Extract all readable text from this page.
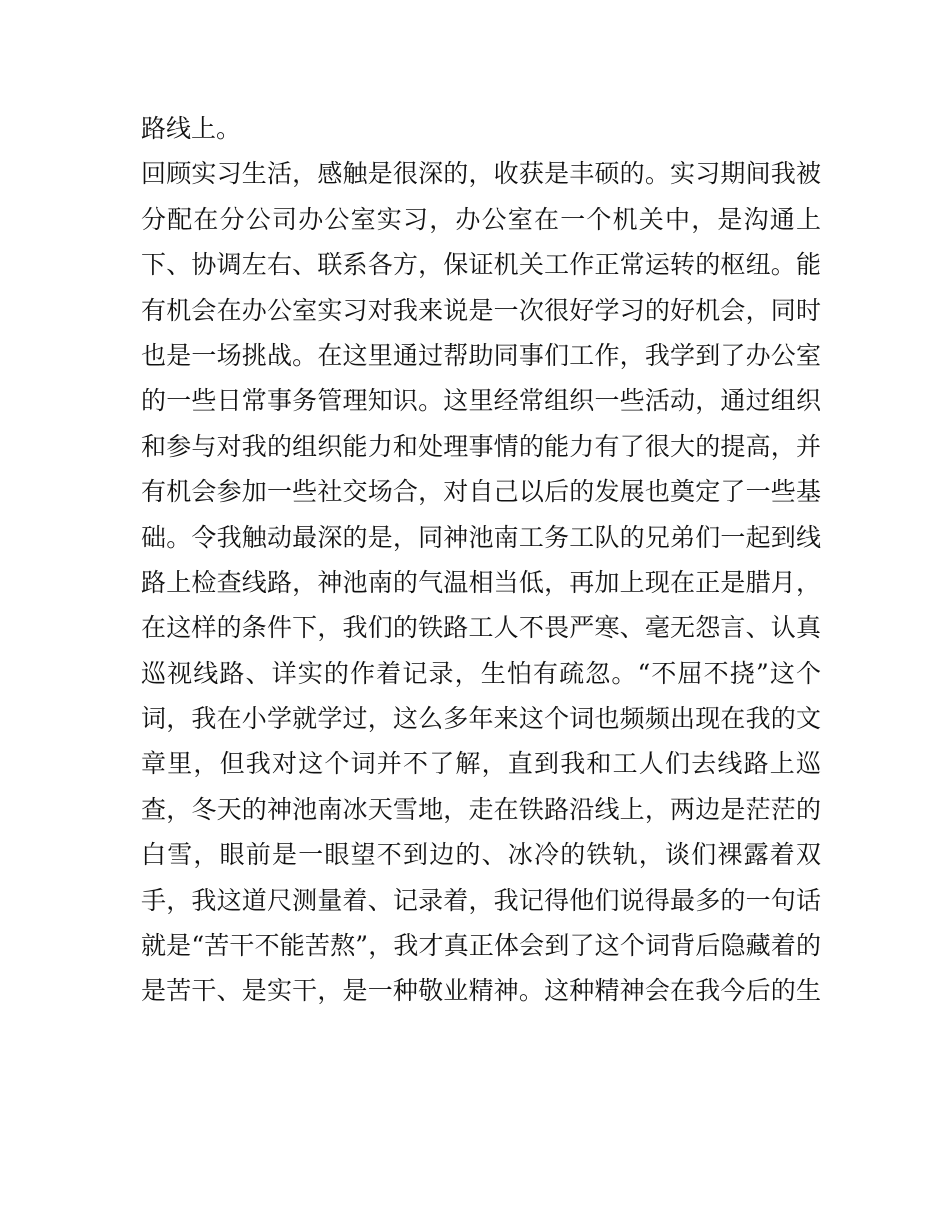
路线上。
回顾实习生活，感触是很深的，收获是丰硕的。实习期间我被
分配在分公司办公室实习，办公室在一个机关中，是沟通上
下、协调左右、联系各方，保证机关工作正常运转的枢纽。能
有机会在办公室实习对我来说是一次很好学习的好机会，同时
也是一场挑战。在这里通过帮助同事们工作，我学到了办公室
的一些日常事务管理知识。这里经常组织一些活动，通过组织
和参与对我的组织能力和处理事情的能力有了很大的提高，并
有机会参加一些社交场合，对自己以后的发展也奠定了一些基
础。令我触动最深的是，同神池南工务工队的兄弟们一起到线
路上检查线路，神池南的气温相当低，再加上现在正是腊月，
在这样的条件下，我们的铁路工人不畏严寒、毫无怨言、认真
巡视线路、详实的作着记录，生怕有疏忽。“不屈不挠”这个
词，我在小学就学过，这么多年来这个词也频频出现在我的文
章里，但我对这个词并不了解，直到我和工人们去线路上巡
查，冬天的神池南冰天雪地，走在铁路沿线上，两边是茫茫的
白雪，眼前是一眼望不到边的、冰冷的铁轨，谈们裸露着双
手，我这道尺测量着、记录着，我记得他们说得最多的一句话
就是“苦干不能苦熬”，我才真正体会到了这个词背后隐藏着的
是苦干、是实干，是一种敬业精神。这种精神会在我今后的生
